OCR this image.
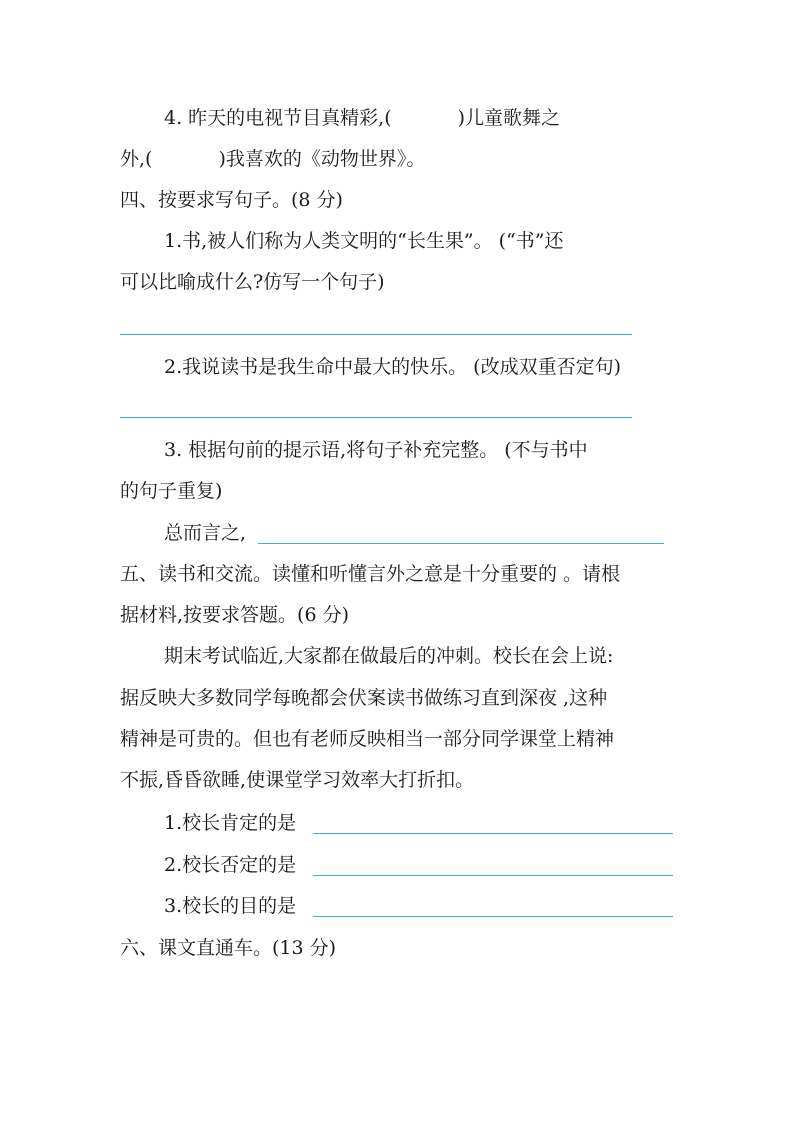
4. 昨天的电视节目真精彩,(	)儿童歌舞之
外,(	)我喜欢的《动物世界》。
四、按要求写句子。(8 分)
1.书,被人们称为人类文明的“长生果”。 (“书”还
可以比喻成什么?仿写一个句子)
2.我说读书是我生命中最大的快乐。 (改成双重否定句)
3. 根据句前的提示语,将句子补充完整。 (不与书中
的句子重复)
总而言之,
五、读书和交流。读懂和听懂言外之意是十分重要的 。请根
据材料,按要求答题。(6 分)
期末考试临近,大家都在做最后的冲刺。校长在会上说:
据反映大多数同学每晚都会伏案读书做练习直到深夜 ,这种
精神是可贵的。但也有老师反映相当一部分同学课堂上精神
不振,昏昏欲睡,使课堂学习效率大打折扣。
1.校长肯定的是
2.校长否定的是
3.校长的目的是
六、课文直通车。(13 分)
